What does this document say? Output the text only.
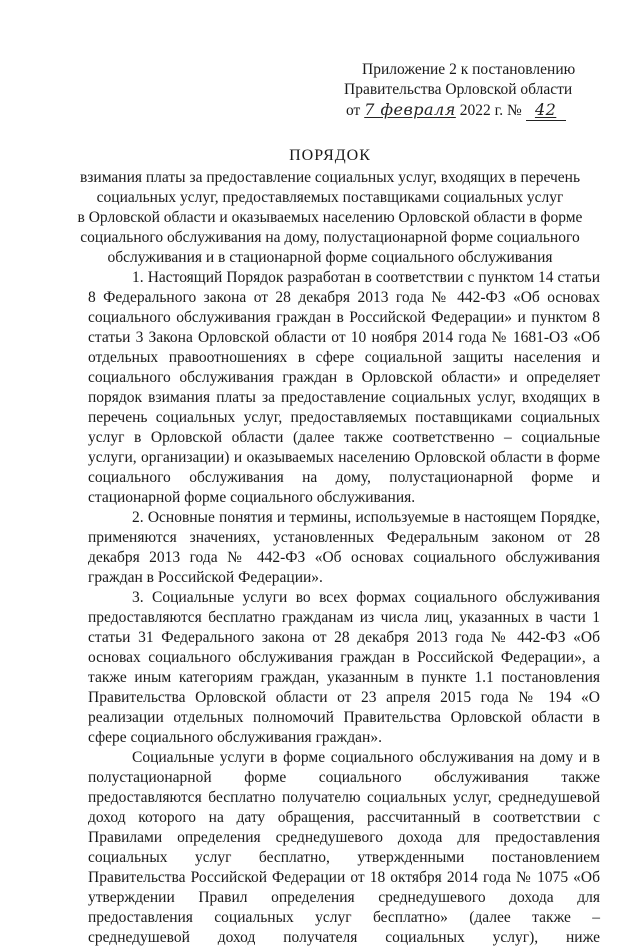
Приложение 2 к постановлению
Правительства Орловской области
от 7 февраля 2022 г. № 42
ПОРЯДОК
взимания платы за предоставление социальных услуг, входящих в перечень
социальных услуг, предоставляемых поставщиками социальных услуг
в Орловской области и оказываемых населению Орловской области в форме
социального обслуживания на дому, полустационарной форме социального
обслуживания и в стационарной форме социального обслуживания

1. Настоящий Порядок разработан в соответствии с пунктом 14 статьи 8 Федерального закона от 28 декабря 2013 года № 442-ФЗ «Об основах социального обслуживания граждан в Российской Федерации» и пунктом 8 статьи 3 Закона Орловской области от 10 ноября 2014 года № 1681-ОЗ «Об отдельных правоотношениях в сфере социальной защиты населения и социального обслуживания граждан в Орловской области» и определяет порядок взимания платы за предоставление социальных услуг, входящих в перечень социальных услуг, предоставляемых поставщиками социальных услуг в Орловской области (далее также соответственно – социальные услуги, организации) и оказываемых населению Орловской области в форме социального обслуживания на дому, полустационарной форме и стационарной форме социального обслуживания.

2. Основные понятия и термины, используемые в настоящем Порядке, применяются значениях, установленных Федеральным законом от 28 декабря 2013 года № 442-ФЗ «Об основах социального обслуживания граждан в Российской Федерации».

3. Социальные услуги во всех формах социального обслуживания предоставляются бесплатно гражданам из числа лиц, указанных в части 1 статьи 31 Федерального закона от 28 декабря 2013 года № 442-ФЗ «Об основах социального обслуживания граждан в Российской Федерации», а также иным категориям граждан, указанным в пункте 1.1 постановления Правительства Орловской области от 23 апреля 2015 года № 194 «О реализации отдельных полномочий Правительства Орловской области в сфере социального обслуживания граждан».

Социальные услуги в форме социального обслуживания на дому и в полустационарной форме социального обслуживания также предоставляются бесплатно получателю социальных услуг, среднедушевой доход которого на дату обращения, рассчитанный в соответствии с Правилами определения среднедушевого дохода для предоставления социальных услуг бесплатно, утвержденными постановлением Правительства Российской Федерации от 18 октября 2014 года № 1075 «Об утверждении Правил определения среднедушевого дохода для предоставления социальных услуг бесплатно» (далее также – среднедушевой доход получателя социальных услуг), ниже
